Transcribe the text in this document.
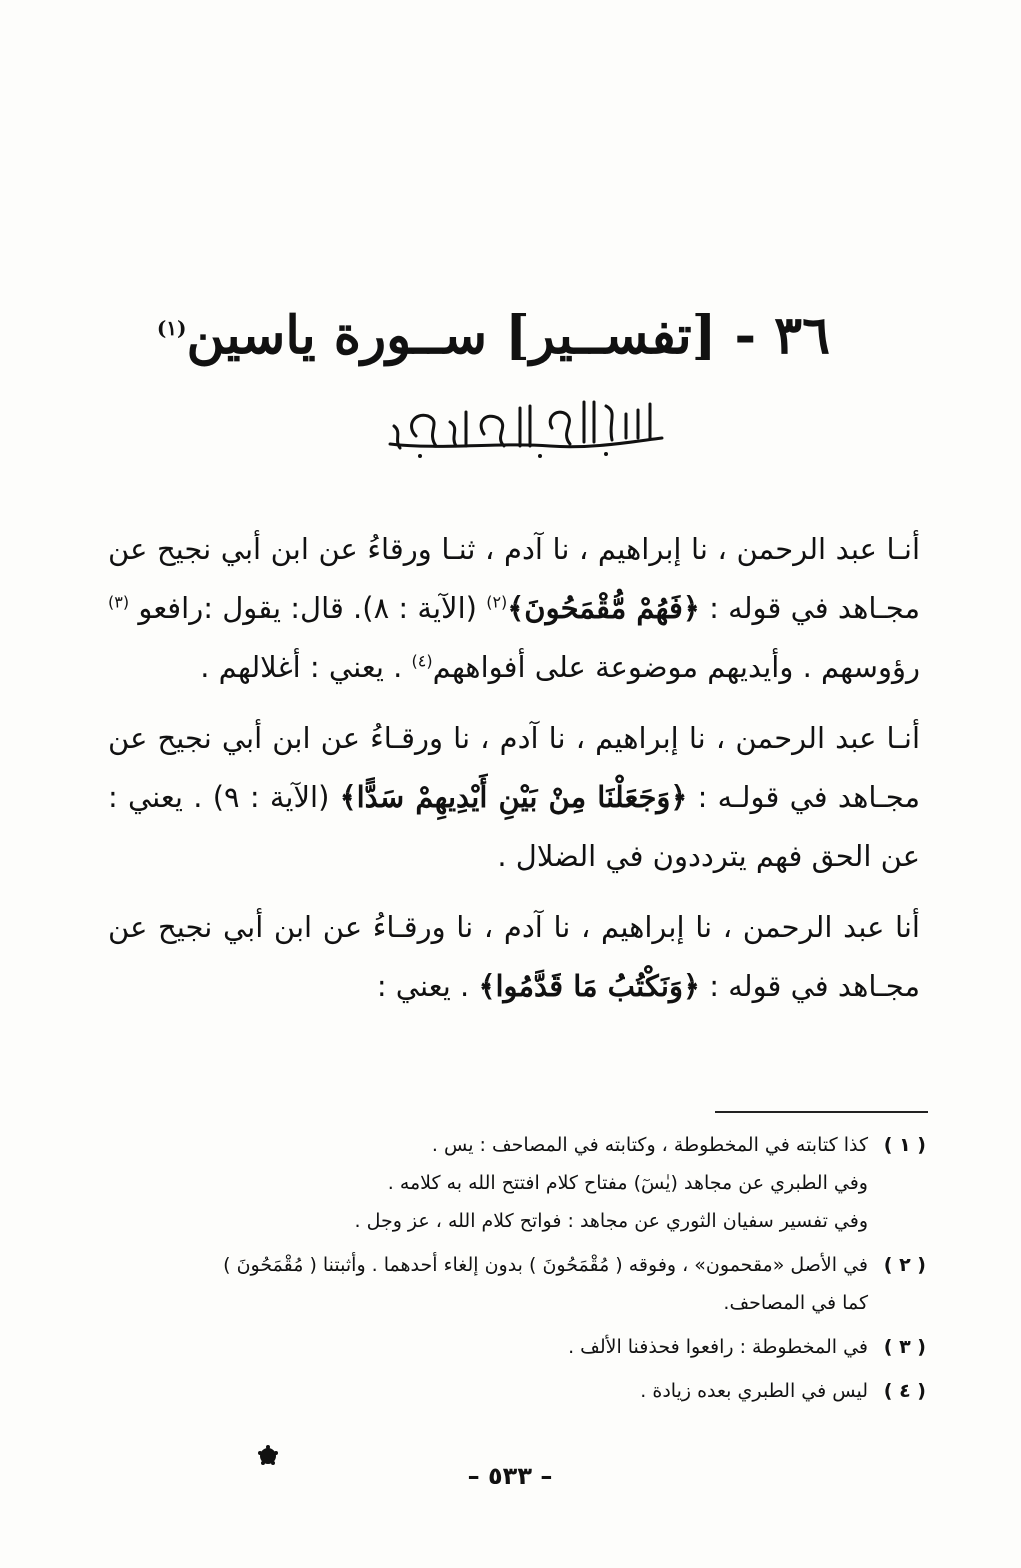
٣٦ - [تفســير] ســورة ياسين$^{(١)}$

أنـا عبد الرحمن ، نا إبراهيم ، نا آدم ، ثنـا ورقاءُ عن ابن أبي نجيح عن مجـاهد في قوله : ﴿فَهُمْ مُّقْمَحُونَ﴾$^{(٢)}$ (الآية : ٨). قال: يقول :رافعو $^{(٣)}$ رؤوسهم . وأيديهم موضوعة على أفواههم$^{(٤)}$ . يعني : أغلالهم .

أنـا عبد الرحمن ، نا إبراهيم ، نا آدم ، نا ورقـاءُ عن ابن أبي نجيح عن مجـاهد في قولـه : ﴿وَجَعَلْنَا مِنْ بَيْنِ أَيْدِيهِمْ سَدًّا﴾ (الآية : ٩) . يعني : عن الحق فهم يترددون في الضلال .

أنا عبد الرحمن ، نا إبراهيم ، نا آدم ، نا ورقـاءُ عن ابن أبي نجيح عن مجـاهد في قوله : ﴿وَنَكْتُبُ مَا قَدَّمُوا﴾ . يعني :

( ١ )
كذا كتابته في المخطوطة ، وكتابته في المصاحف : يس .
وفي الطبري عن مجاهد (يٰسٓ) مفتاح كلام افتتح الله به كلامه .
وفي تفسير سفيان الثوري عن مجاهد : فواتح كلام الله ، عز وجل .
( ٢ )
في الأصل «مقحمون» ، وفوقه ( مُقْمَحُونَ ) بدون إلغاء أحدهما . وأثبتنا ( مُقْمَحُونَ )
كما في المصاحف.
( ٣ )
في المخطوطة : رافعوا فحذفنا الألف .
( ٤ )
ليس في الطبري بعده زيادة .
– ٥٣٣ –
